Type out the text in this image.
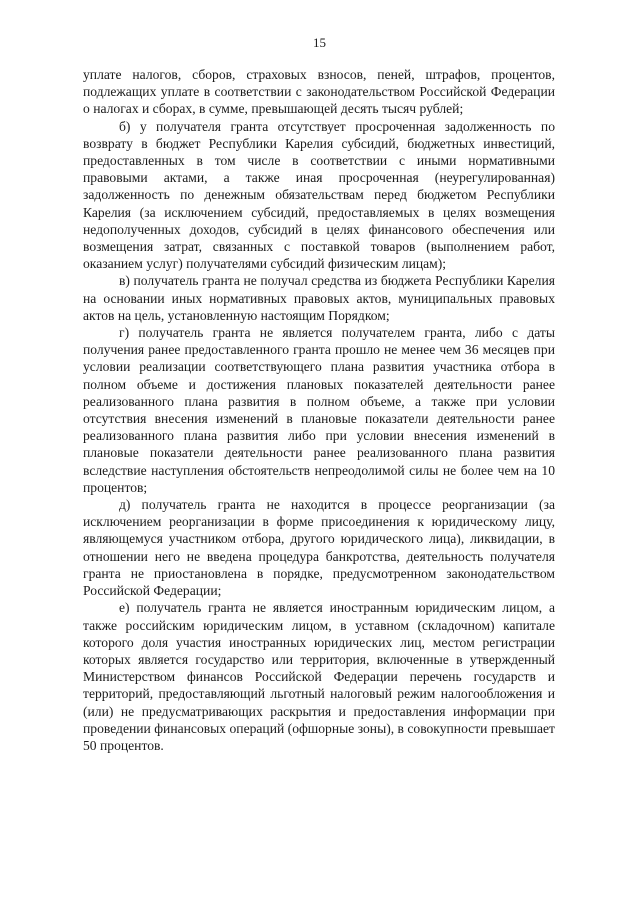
15

уплате налогов, сборов, страховых взносов, пеней, штрафов, процентов, подлежащих уплате в соответствии с законодательством Российской Федерации о налогах и сборах, в сумме, превышающей десять тысяч рублей;

б) у получателя гранта отсутствует просроченная задолженность по возврату в бюджет Республики Карелия субсидий, бюджетных инвестиций, предоставленных в том числе в соответствии с иными нормативными правовыми актами, а также иная просроченная (неурегулированная) задолженность по денежным обязательствам перед бюджетом Республики Карелия (за исключением субсидий, предоставляемых в целях возмещения недополученных доходов, субсидий в целях финансового обеспечения или возмещения затрат, связанных с поставкой товаров (выполнением работ, оказанием услуг) получателями субсидий физическим лицам);

в) получатель гранта не получал средства из бюджета Республики Карелия на основании иных нормативных правовых актов, муниципальных правовых актов на цель, установленную настоящим Порядком;

г) получатель гранта не является получателем гранта, либо с даты получения ранее предоставленного гранта прошло не менее чем 36 месяцев при условии реализации соответствующего плана развития участника отбора в полном объеме и достижения плановых показателей деятельности ранее реализованного плана развития в полном объеме, а также при условии отсутствия внесения изменений в плановые показатели деятельности ранее реализованного плана развития либо при условии внесения изменений в плановые показатели деятельности ранее реализованного плана развития вследствие наступления обстоятельств непреодолимой силы не более чем на 10 процентов;

д) получатель гранта не находится в процессе реорганизации (за исключением реорганизации в форме присоединения к юридическому лицу, являющемуся участником отбора, другого юридического лица), ликвидации, в отношении него не введена процедура банкротства, деятельность получателя гранта не приостановлена в порядке, предусмотренном законодательством Российской Федерации;

е) получатель гранта не является иностранным юридическим лицом, а также российским юридическим лицом, в уставном (складочном) капитале которого доля участия иностранных юридических лиц, местом регистрации которых является государство или территория, включенные в утвержденный Министерством финансов Российской Федерации перечень государств и территорий, предоставляющий льготный налоговый режим налогообложения и (или) не предусматривающих раскрытия и предоставления информации при проведении финансовых операций (офшорные зоны), в совокупности превышает 50 процентов.
